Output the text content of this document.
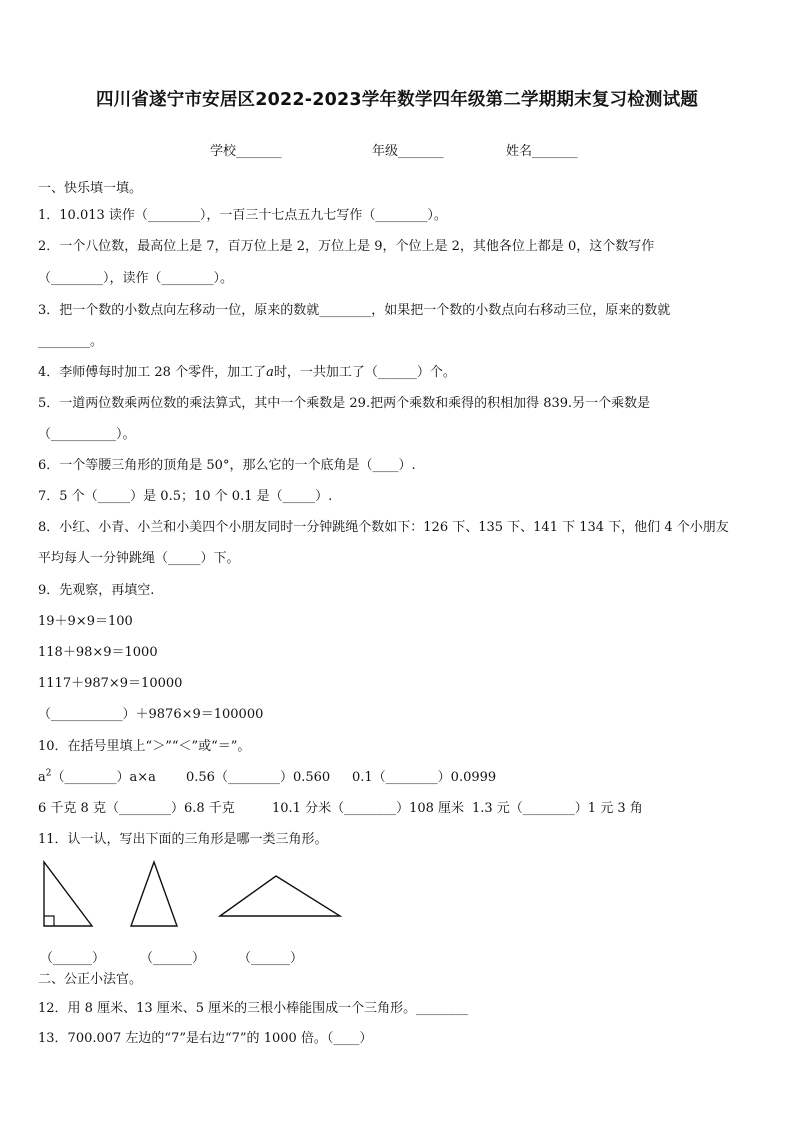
四川省遂宁市安居区2022-2023学年数学四年级第二学期期末复习检测试题
学校_______	年级_______	姓名_______
一、快乐填一填。
1．10.013 读作（________），一百三十七点五九七写作（________）。
2．一个八位数，最高位上是 7，百万位上是 2，万位上是 9，个位上是 2，其他各位上都是 0，这个数写作
（________），读作（________）。
3．把一个数的小数点向左移动一位，原来的数就________，如果把一个数的小数点向右移动三位，原来的数就
________。
4．李师傅每时加工 28 个零件，加工了𝑎时，一共加工了（______）个。
5．一道两位数乘两位数的乘法算式，其中一个乘数是 29.把两个乘数和乘得的积相加得 839.另一个乘数是
（__________）。
6．一个等腰三角形的顶角是 50°，那么它的一个底角是（____）.
7．5 个（_____）是 0.5；10 个 0.1 是（_____）.
8．小红、小青、小兰和小美四个小朋友同时一分钟跳绳个数如下：126 下、135 下、141 下 134 下，他们 4 个小朋友
平均每人一分钟跳绳（_____）下。
9．先观察，再填空.
19＋9×9＝100
118＋98×9＝1000
1117＋987×9＝10000
（___________）＋9876×9＝100000
10．在括号里填上“＞”“＜”或“＝”。
$a^2(\_\_\_\_\_\_\_\_)a\times a$ 0.56（________）0.560 0.1（________）0.0999
6 千克 8 克（________）6.8 千克	10.1 分米（________）108 厘米 1.3 元（________）1 元 3 角
11．认一认，写出下面的三角形是哪一类三角形。
（______）	（______）	（______）
二、公正小法官。
12．用 8 厘米、13 厘米、5 厘米的三根小棒能围成一个三角形。________
13．700.007 左边的“7”是右边“7”的 1000 倍。（____）
